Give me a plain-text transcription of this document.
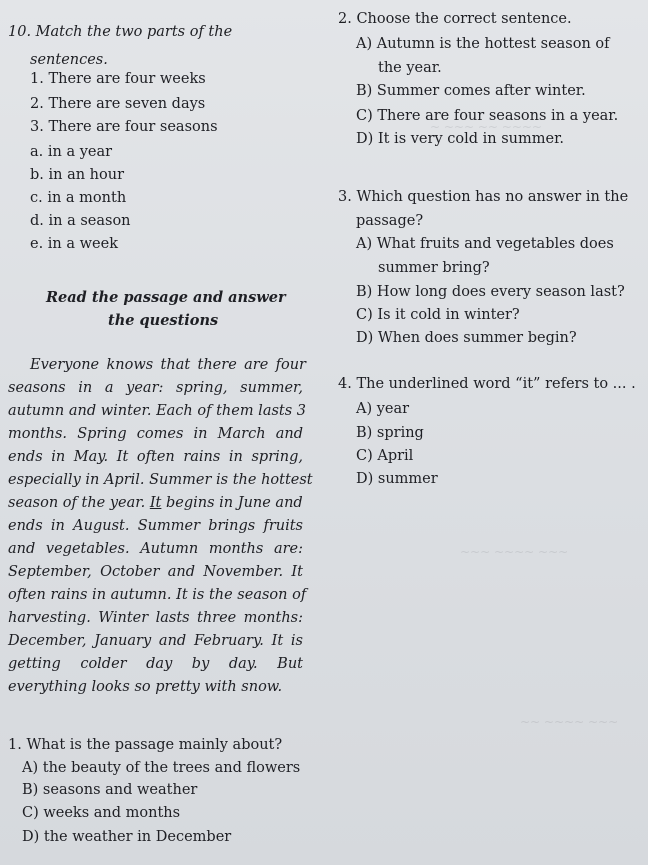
~ ~~~ ~~ ~~~~
~~~ ~~~~ ~~~
~~ ~~~~ ~~~
10. Match the two parts of the
sentences.
1. There are four weeks
2. There are seven days
3. There are four seasons
a. in a year
b. in an hour
c. in a month
d. in a season
e. in a week
Read the passage and answer
the questions
Everyone knows that there are four
seasons in a year: spring, summer,
autumn and winter. Each of them lasts 3
months. Spring comes in March and
ends in May. It often rains in spring,
especially in April. Summer is the hottest
season of the year. It begins in June and
ends in August. Summer brings fruits
and vegetables. Autumn months are:
September, October and November. It
often rains in autumn. It is the season of
harvesting. Winter lasts three months:
December, January and February. It is
getting colder day by day. But
everything looks so pretty with snow.
1. What is the passage mainly about?
A) the beauty of the trees and flowers
B) seasons and weather
C) weeks and months
D) the weather in December
2. Choose the correct sentence.
A) Autumn is the hottest season of
the year.
B) Summer comes after winter.
C) There are four seasons in a year.
D) It is very cold in summer.
3. Which question has no answer in the
passage?
A) What fruits and vegetables does
summer bring?
B) How long does every season last?
C) Is it cold in winter?
D) When does summer begin?
4. The underlined word “it” refers to ... .
A) year
B) spring
C) April
D) summer
